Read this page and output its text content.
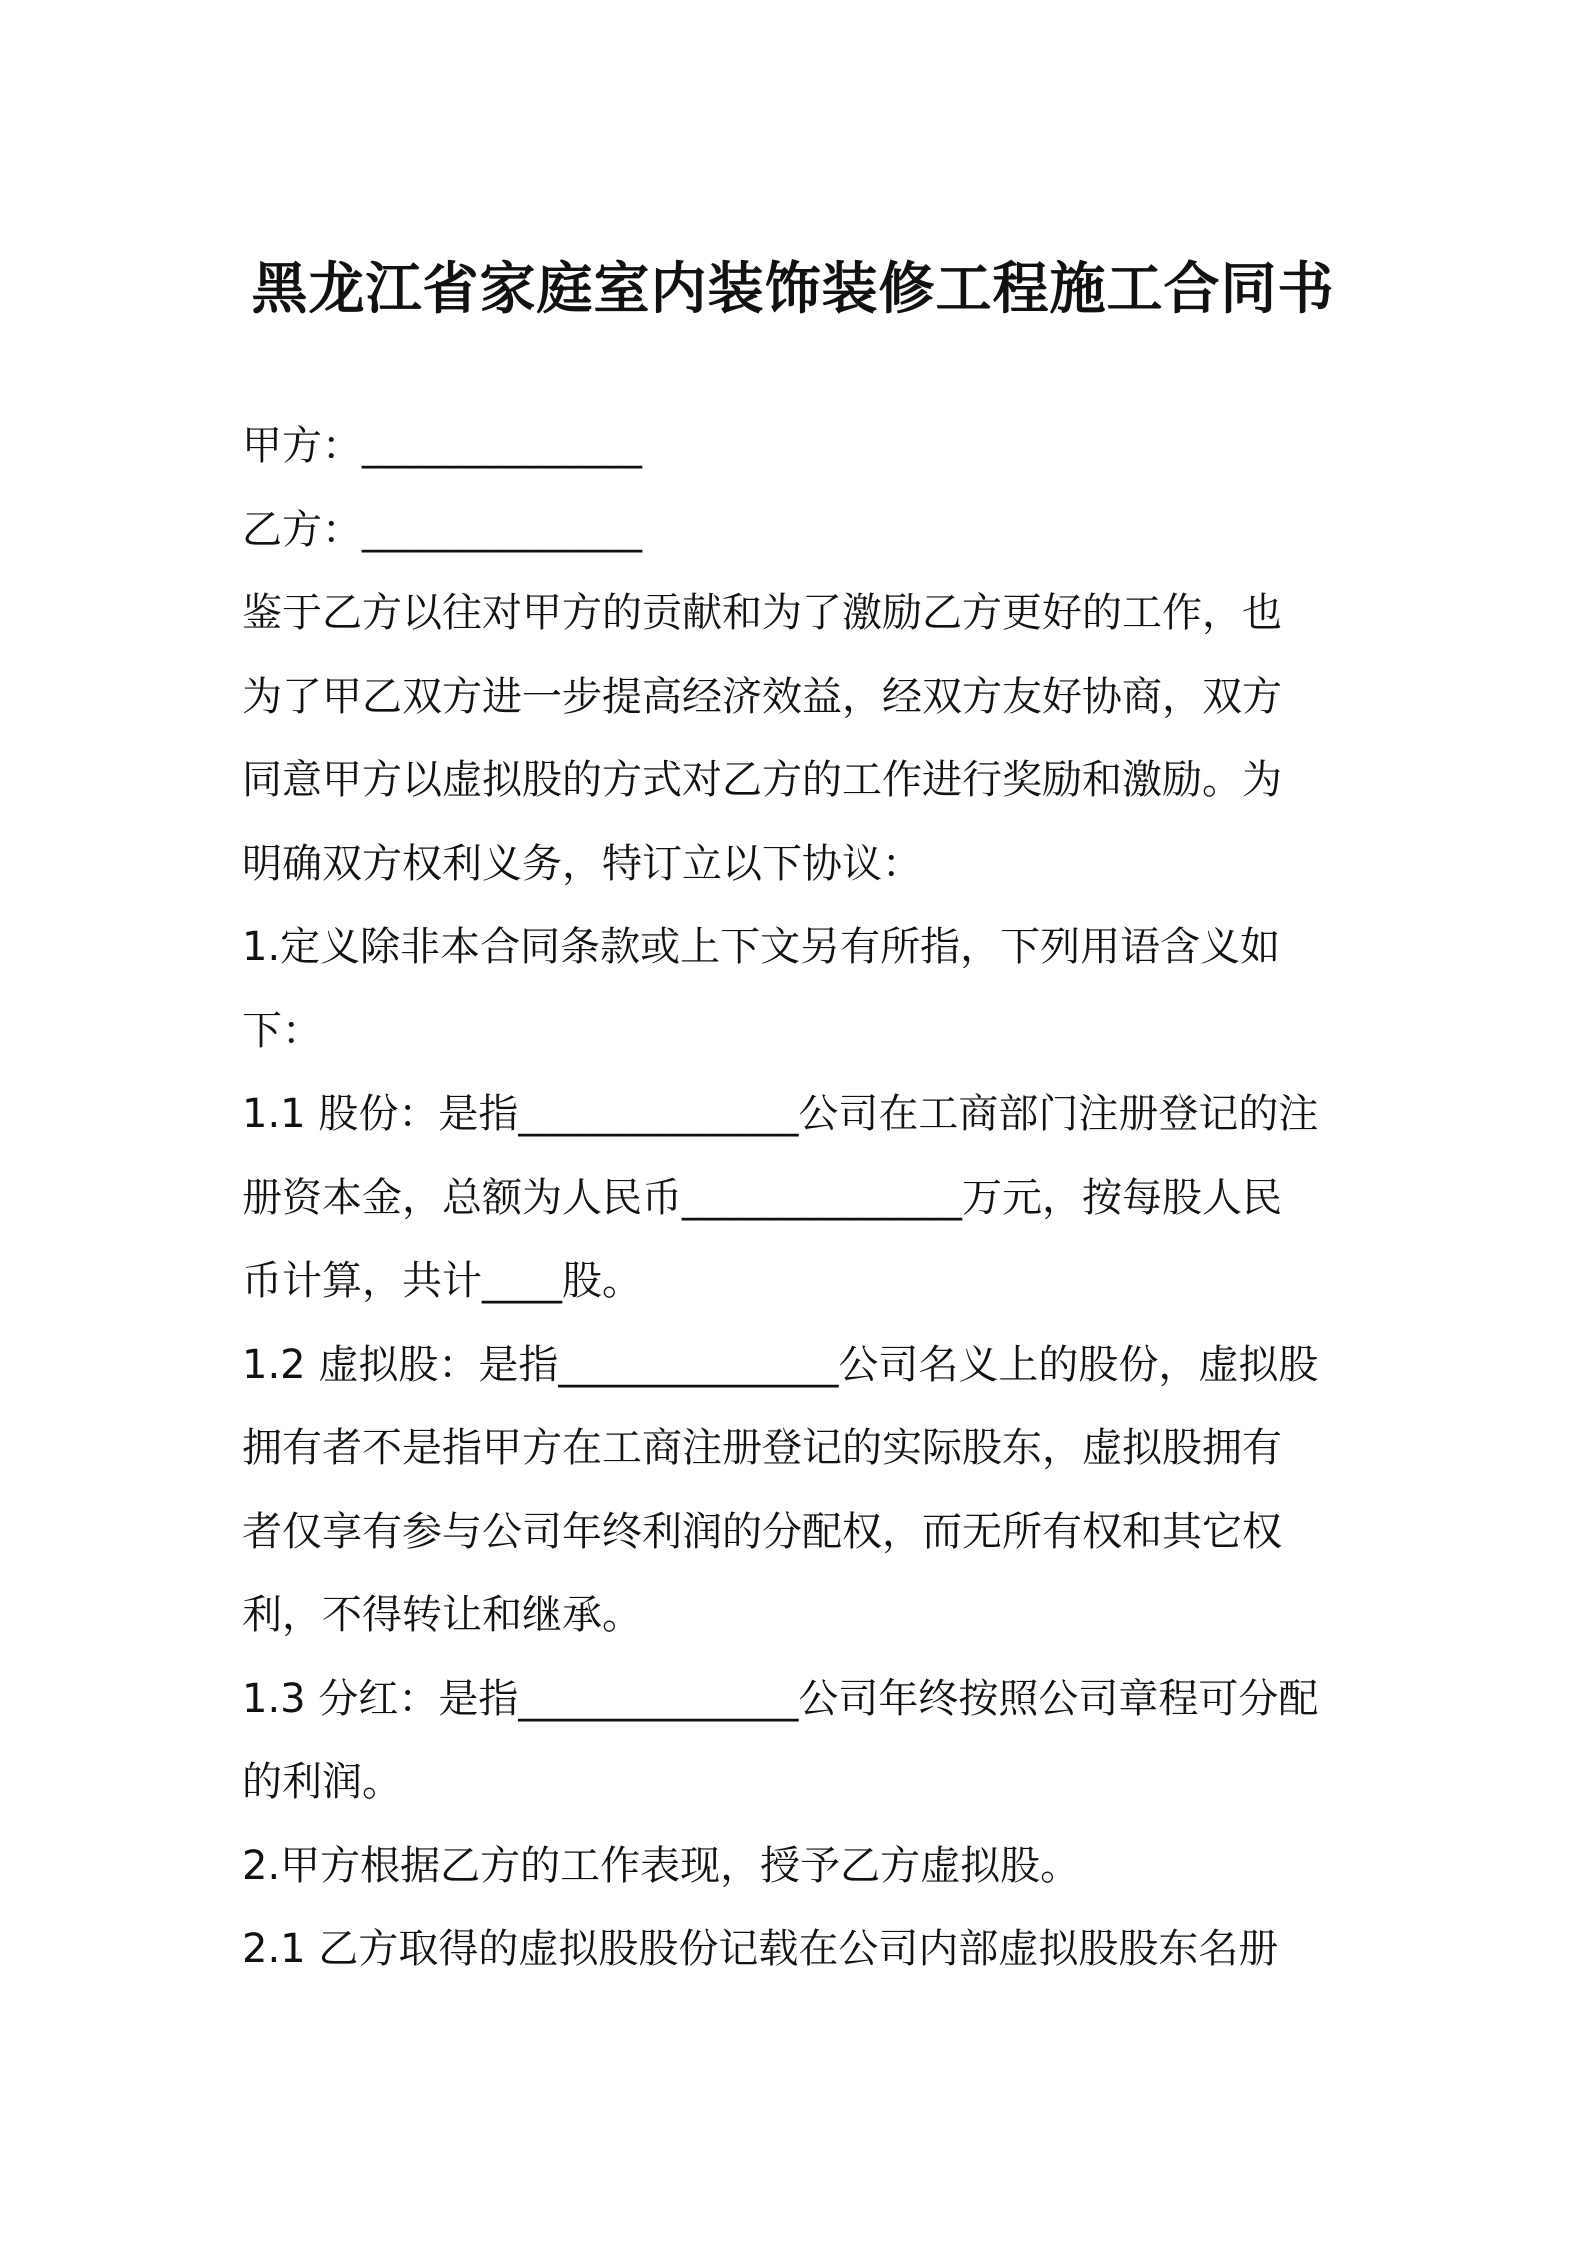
黑龙江省家庭室内装饰装修工程施工合同书

甲方：______________

乙方：______________

鉴于乙方以往对甲方的贡献和为了激励乙方更好的工作，也

为了甲乙双方进一步提高经济效益，经双方友好协商，双方

同意甲方以虚拟股的方式对乙方的工作进行奖励和激励。为

明确双方权利义务，特订立以下协议：

1.定义除非本合同条款或上下文另有所指，下列用语含义如

下：

1.1 股份：是指______________公司在工商部门注册登记的注

册资本金，总额为人民币______________万元，按每股人民

币计算，共计____股。

1.2 虚拟股：是指______________公司名义上的股份，虚拟股

拥有者不是指甲方在工商注册登记的实际股东，虚拟股拥有

者仅享有参与公司年终利润的分配权，而无所有权和其它权

利，不得转让和继承。

1.3 分红：是指______________公司年终按照公司章程可分配

的利润。

2.甲方根据乙方的工作表现，授予乙方虚拟股。

2.1 乙方取得的虚拟股股份记载在公司内部虚拟股股东名册
